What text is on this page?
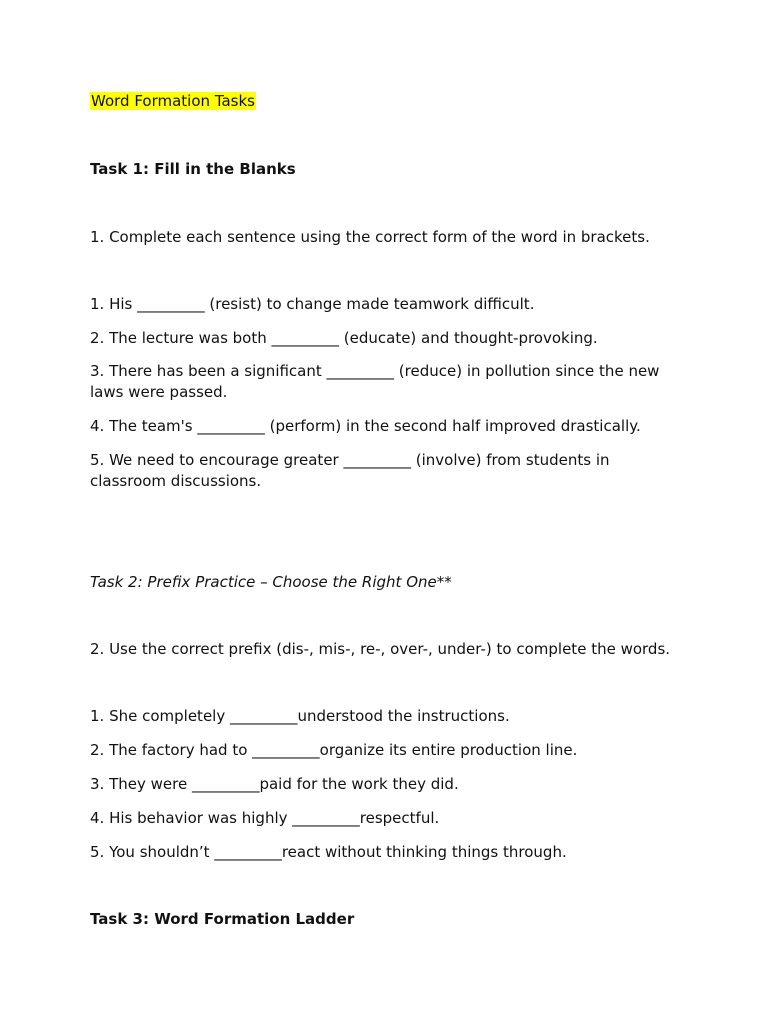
Word Formation Tasks
Task 1: Fill in the Blanks
1. Complete each sentence using the correct form of the word in brackets.
1. His _________ (resist) to change made teamwork difficult.
2. The lecture was both _________ (educate) and thought-provoking.
3. There has been a significant _________ (reduce) in pollution since the new laws were passed.
4. The team's _________ (perform) in the second half improved drastically.
5. We need to encourage greater _________ (involve) from students in classroom discussions.
Task 2: Prefix Practice – Choose the Right One**
2. Use the correct prefix (dis-, mis-, re-, over-, under-) to complete the words.
1. She completely _________understood the instructions.
2. The factory had to _________organize its entire production line.
3. They were _________paid for the work they did.
4. His behavior was highly _________respectful.
5. You shouldn’t _________react without thinking things through.
Task 3: Word Formation Ladder
